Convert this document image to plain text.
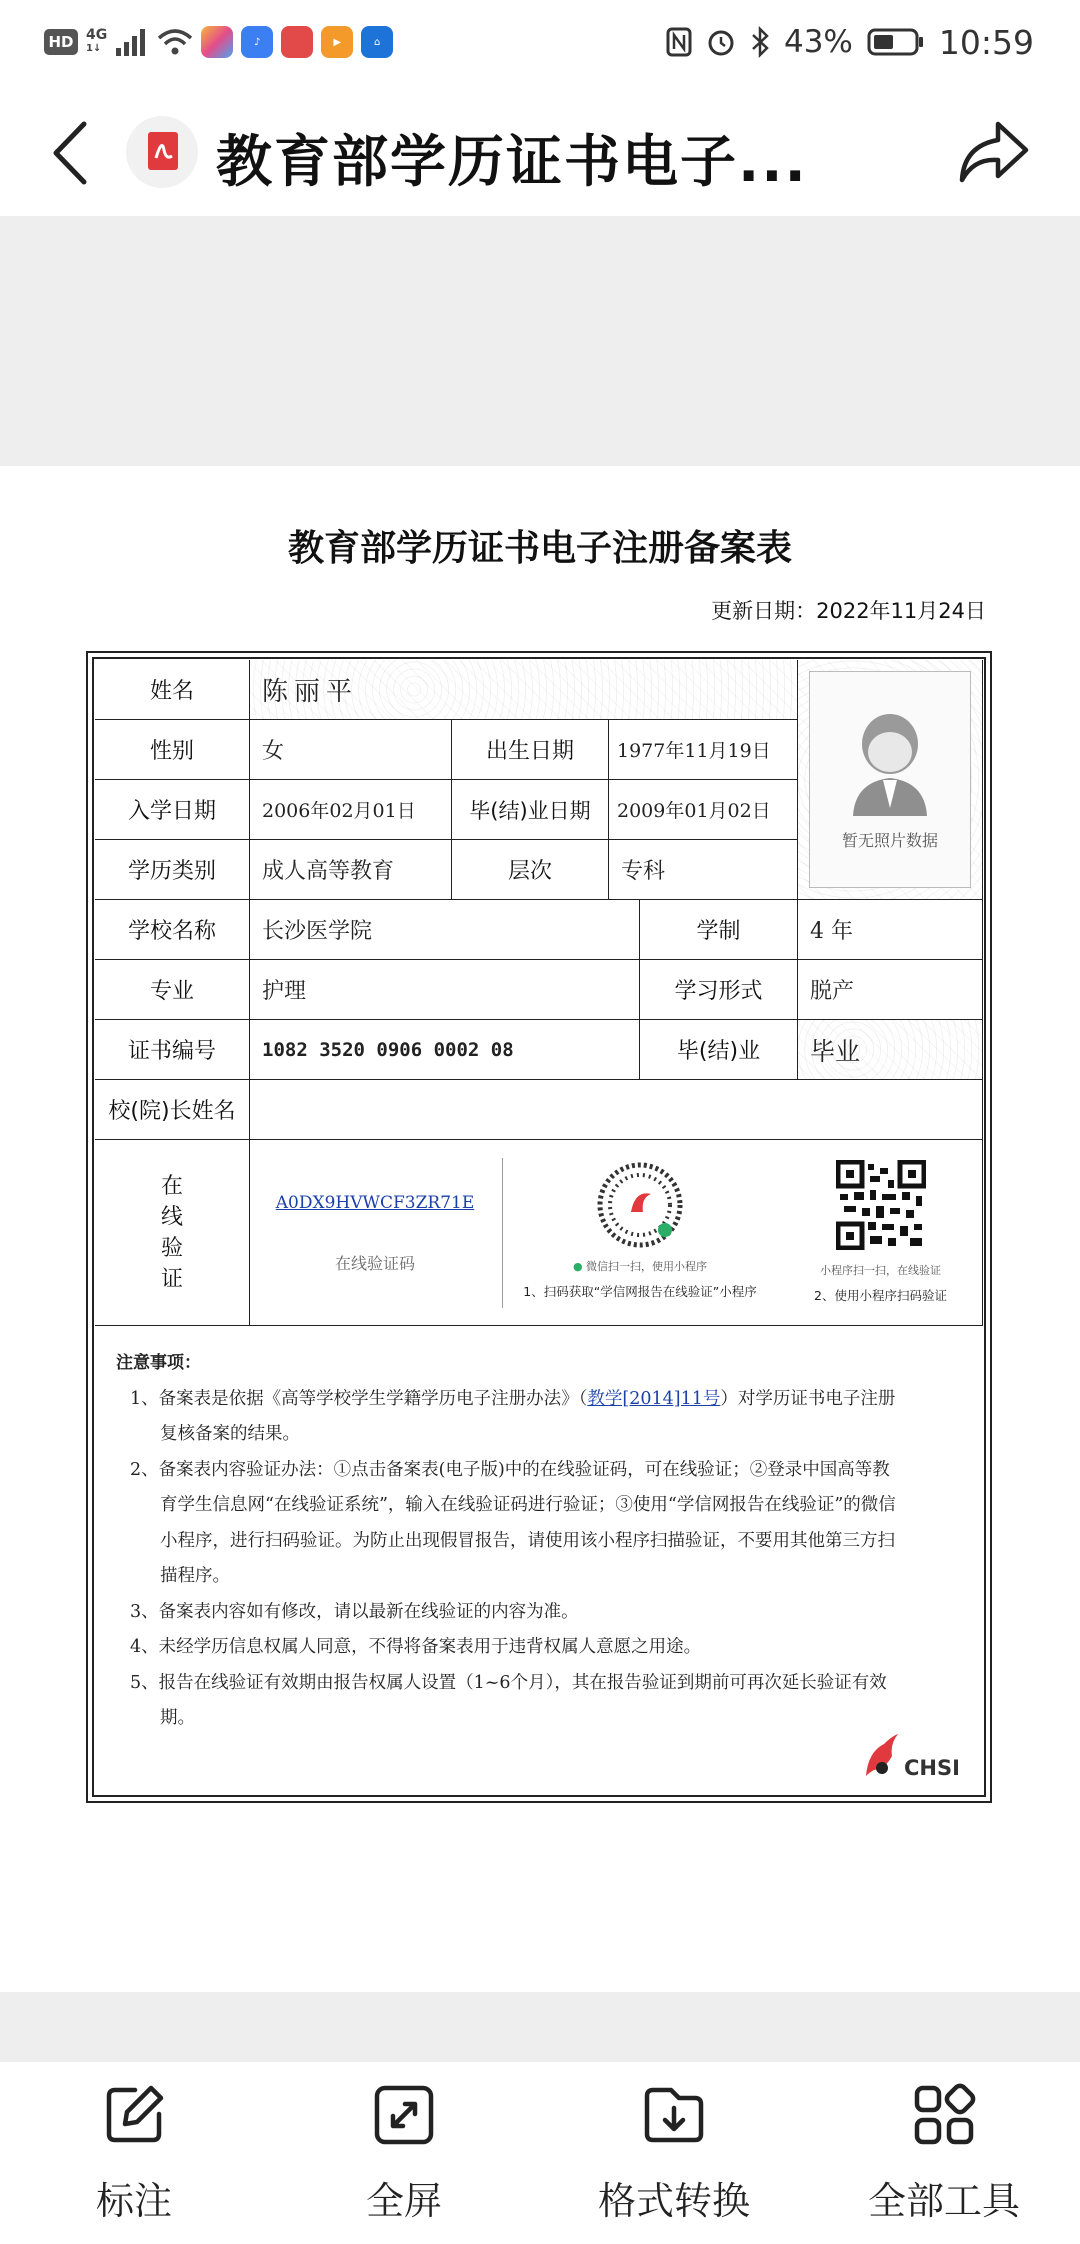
HD 4G
1↓
♪	▶	⌂	43%	10:59
教育部学历证书电子...
教育部学历证书电子注册备案表
更新日期：2022年11月24日
姓名	陈丽平
性别	女	出生日期	1977年11月19日
入学日期	2006年02月01日	毕(结)业日期	2009年01月02日
学历类别	成人高等教育	层次	专科
暂无照片数据
学校名称	长沙医学院	学制	4 年
专业	护理	学习形式	脱产
证书编号	1082 3520 0906 0002 08	毕(结)业	毕业
校(院)长姓名
在
线
验
证
A0DX9HVWCF3ZR71E
在线验证码	● 微信扫一扫，使用小程序
1、扫码获取“学信网报告在线验证”小程序
小程序扫一扫，在线验证
2、使用小程序扫码验证
注意事项：
1、备案表是依据《高等学校学生学籍学历电子注册办法》（教学[2014]11号）对学历证书电子注册复核备案的结果。
2、备案表内容验证办法：①点击备案表(电子版)中的在线验证码，可在线验证；②登录中国高等教育学生信息网“在线验证系统”，输入在线验证码进行验证；③使用“学信网报告在线验证”的微信小程序，进行扫码验证。为防止出现假冒报告，请使用该小程序扫描验证，不要用其他第三方扫描程序。
3、备案表内容如有修改，请以最新在线验证的内容为准。
4、未经学历信息权属人同意，不得将备案表用于违背权属人意愿之用途。
5、报告在线验证有效期由报告权属人设置（1~6个月），其在报告验证到期前可再次延长验证有效期。
CHSI
标注	全屏	格式转换	全部工具
